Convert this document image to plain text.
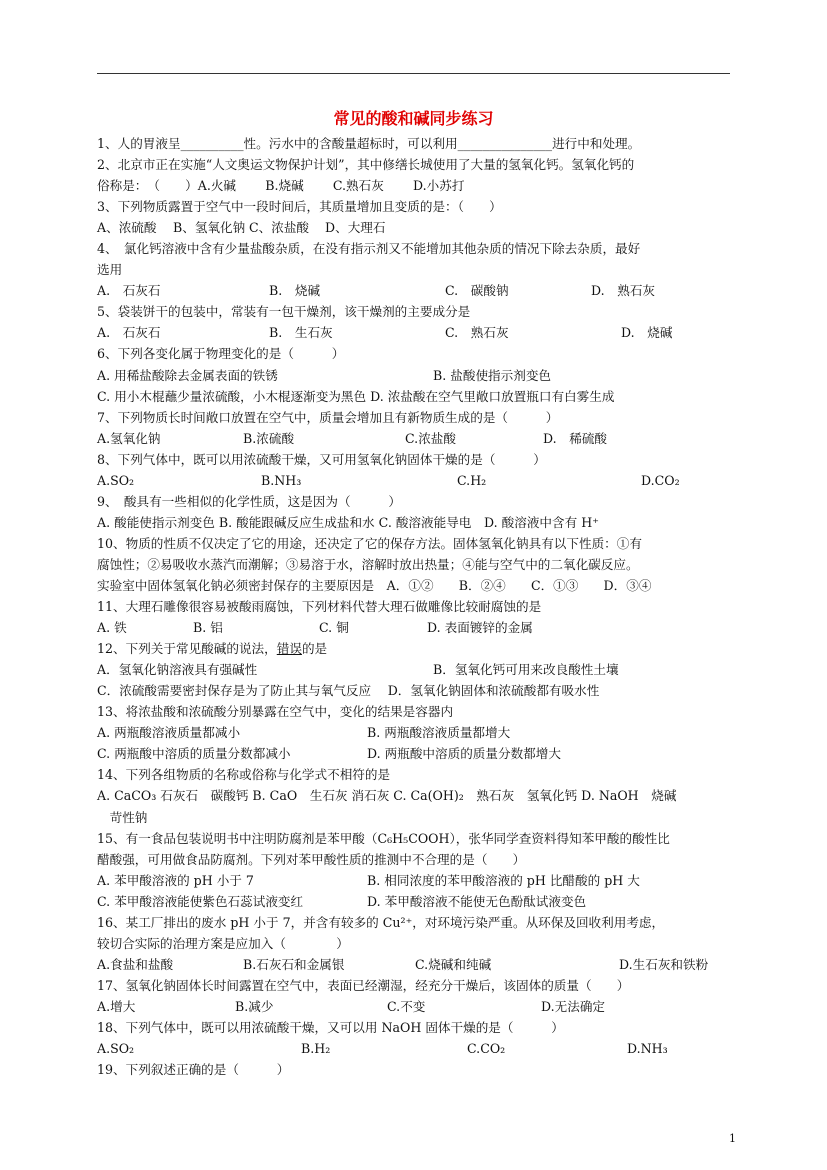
常见的酸和碱同步练习
1、人的胃液呈__________性。污水中的含酸量超标时，可以利用_______________进行中和处理。
2、北京市正在实施“人文奥运文物保护计划”，其中修缮长城使用了大量的氢氧化钙。氢氧化钙的
俗称是：　（　　）A.火碱　　 B.烧碱　　 C.熟石灰　　 D.小苏打
3、下列物质露置于空气中一段时间后，其质量增加且变质的是：（　　）
A、浓硫酸 B、氢氧化钠 C、浓盐酸 D、大理石
4、　氯化钙溶液中含有少量盐酸杂质，在没有指示剂又不能增加其他杂质的情况下除去杂质，最好
选用
A.　石灰石	B.　烧碱	C.　碳酸钠	D.　熟石灰
5、袋装饼干的包装中，常装有一包干燥剂，该干燥剂的主要成分是
A.　石灰石	B.　生石灰	C.　熟石灰	D.　烧碱
6、下列各变化属于物理变化的是（　　　）
A. 用稀盐酸除去金属表面的铁锈	B. 盐酸使指示剂变色
C. 用小木棍蘸少量浓硫酸，小木棍逐渐变为黑色 D. 浓盐酸在空气里敞口放置瓶口有白雾生成
7、下列物质长时间敞口放置在空气中，质量会增加且有新物质生成的是（　　　）
A.氢氧化钠	B.浓硫酸	C.浓盐酸	D.　稀硫酸
8、下列气体中，既可以用浓硫酸干燥，又可用氢氧化钠固体干燥的是（　　　）
A.SO₂	B.NH₃	C.H₂	D.CO₂
9、　酸具有一些相似的化学性质，这是因为（　　　）
A. 酸能使指示剂变色 B. 酸能跟碱反应生成盐和水 C. 酸溶液能导电　D. 酸溶液中含有 H⁺
10、物质的性质不仅决定了它的用途，还决定了它的保存方法。固体氢氧化钠具有以下性质：①有
腐蚀性；②易吸收水蒸汽而潮解；③易溶于水，溶解时放出热量；④能与空气中的二氧化碳反应。
实验室中固体氢氧化钠必须密封保存的主要原因是　A．①②　　B．②④　　C．①③　　D．③④
11、大理石雕像很容易被酸雨腐蚀，下列材料代替大理石做雕像比较耐腐蚀的是
A. 铁	B. 铝	C. 铜	D. 表面镀锌的金属
12、下列关于常见酸碱的说法，错误的是
A．氢氧化钠溶液具有强碱性	B．氢氧化钙可用来改良酸性土壤
C．浓硫酸需要密封保存是为了防止其与氧气反应　 D．氢氧化钠固体和浓硫酸都有吸水性
13、将浓盐酸和浓硫酸分别暴露在空气中，变化的结果是容器内
A. 两瓶酸溶液质量都减小	B. 两瓶酸溶液质量都增大
C. 两瓶酸中溶质的质量分数都减小	D. 两瓶酸中溶质的质量分数都增大
14、下列各组物质的名称或俗称与化学式不相符的是
A. CaCO₃ 石灰石　碳酸钙 B. CaO　生石灰 消石灰 C. Ca(OH)₂　熟石灰　氢氧化钙 D. NaOH　烧碱
　苛性钠
15、有一食品包装说明书中注明防腐剂是苯甲酸（C₆H₅COOH），张华同学查资料得知苯甲酸的酸性比
醋酸强，可用做食品防腐剂。下列对苯甲酸性质的推测中不合理的是（　　）
A. 苯甲酸溶液的 pH 小于 7	B. 相同浓度的苯甲酸溶液的 pH 比醋酸的 pH 大
C. 苯甲酸溶液能使紫色石蕊试液变红	D. 苯甲酸溶液不能使无色酚酞试液变色
16、某工厂排出的废水 pH 小于 7，并含有较多的 Cu²⁺，对环境污染严重。从环保及回收利用考虑，
较切合实际的治理方案是应加入（　　　　）
A.食盐和盐酸	B.石灰石和金属银	C.烧碱和纯碱	D.生石灰和铁粉
17、氢氧化钠固体长时间露置在空气中，表面已经潮湿，经充分干燥后，该固体的质量（　　）
A.增大	B.减少	C.不变	D.无法确定
18、下列气体中，既可以用浓硫酸干燥，又可以用 NaOH 固体干燥的是（　　　）
A.SO₂	B.H₂	C.CO₂	D.NH₃
19、下列叙述正确的是（　　　）
1
